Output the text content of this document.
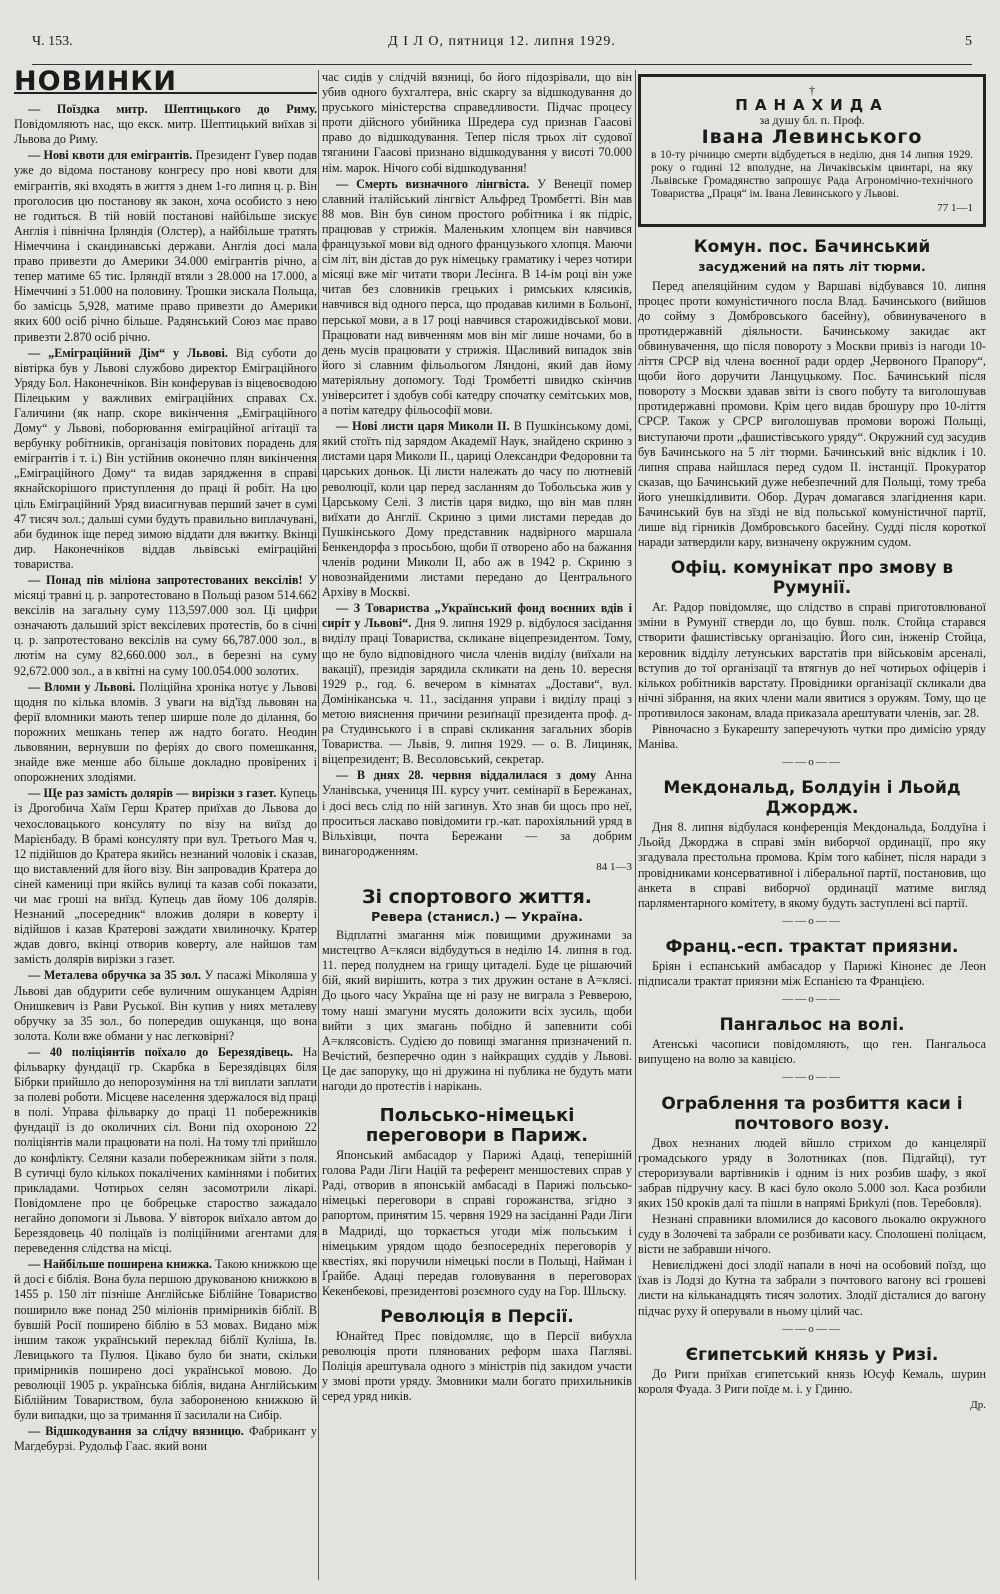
Ч. 153.	Д І Л О, пятниця 12. липня 1929.	5
НОВИНКИ

— Поїздка митр. Шептицького до Риму. Повідомляють нас, що екск. митр. Шептицький виїхав зі Львова до Риму.

— Нові квоти для емігрантів. Президент Гувер подав уже до відома постанову конгресу про нові квоти для емігрантів, які входять в життя з днем 1-го липня ц. р. Він проголосив цю постанову як закон, хоча особисто з нею не годиться. В тій новій постанові найбільше зискує Англія і північна Ірляндія (Олстер), а найбільше тратять Німеччина і скандинавські держави. Англія досі мала право привезти до Америки 34.000 емігрантів річно, а тепер матиме 65 тис. Ірляндії втяли з 28.000 на 17.000, а Німеччині з 51.000 на половину. Трошки зискала Польща, бо замісць 5,928, матиме право привезти до Америки яких 600 осіб річно більше. Радянський Союз має право привезти 2.870 осіб річно.

— „Еміграційний Дім“ у Львові. Від суботи до вівтірка був у Львові службово директор Еміграційного Уряду Бол. Наконечніков. Він конферував із віцевоєводою Пілецьким у важливих еміграційних справах Сх. Галичини (як напр. скоре викінчення „Еміграційного Дому“ у Львові, поборювання еміграційної агітації та вербунку робітників, організація повітових порадень для емігрантів і т. і.) Він устійнив оконечно плян викінчення „Еміграційного Дому“ та видав зарядження в справі якнайскорішого приступлення до праці й робіт. На цю ціль Еміграційний Уряд виасигнував перший зачет в сумі 47 тисяч зол.; дальші суми будуть правильно виплачувані, аби будинок іще перед зимою віддати для вжитку. Вкінці дир. Наконечніков віддав львівські еміграційні товариства.

— Понад пів міліона запротестованих вексілів! У місяці травні ц. р. запротестовано в Польщі разом 514.662 вексілів на загальну суму 113,597.000 зол. Ці цифри означають дальший зріст вексілевих протестів, бо в січні ц. р. запротестовано вексілів на суму 66,787.000 зол., в лютім на суму 82,660.000 зол., в березні на суму 92,672.000 зол., а в квітні на суму 100.054.000 золотих.

— Вломи у Львові. Поліційна хроніка нотує у Львові щодня по кілька вломів. З уваги на від'їзд львовян на ферії вломники мають тепер ширше поле до ділання, бо порожних мешкань тепер аж надто богато. Неодин львовянин, вернувши по феріях до свого помешкання, знайде вже менше або більше докладно провірених і опорожнених злодіями.

— Ще раз замість долярів — вирізки з газет. Купець із Дрогобича Хаїм Герш Кратер приїхав до Львова до чехословацького консуляту по візу на виїзд до Марієнбаду. В брамі консуляту при вул. Третього Мая ч. 12 підійшов до Кратера якийсь незнаний чоловік і сказав, що виставлений для його візу. Він запровадив Кратера до сіней камениці при якійсь вулиці та казав собі показати, чи має гроші на виїзд. Купець дав йому 106 долярів. Незнаний „посередник“ вложив доляри в коверту і відійшов і казав Кратерові заждати хвилиночку. Кратер ждав довго, вкінці отворив коверту, але найшов там замість долярів вирізки з газет.

— Металева обручка за 35 зол. У пасажі Міколяша у Львові дав обдурити себе вуличним ошуканцем Адріян Онишкевич із Рави Руської. Він купив у ниях металеву обручку за 35 зол., бо попередив ошуканця, що вона золота. Коли вже обмани у нас легковірні?

— 40 поліціянтів поїхало до Березядівець. На фільварку фундації гр. Скарбка в Березядівцях біля Бібрки прийшло до непорозуміння на тлі виплати заплати за полеві роботи. Місцеве населення здержалося від праці в полі. Управа фільварку до праці 11 побережників фундації із до околичних сіл. Вони під охороною 22 поліціянтів мали працювати на полі. На тому тлі прийшло до конфлікту. Селяни казали побережникам зійти з поля. В сутичці було кількох покалічених каміннями і побитих прикладами. Чотирьох селян засомотрили лікарі. Повідомлене про це бобрецьке староство зажадало негайно допомоги зі Львова. У вівторок виїхало автом до Березядовець 40 поліцаїв із поліційними агентами для переведення слідства на місці.

— Найбільше поширена книжка. Такою книжкою ще й досі є біблія. Вона була першою друкованою книжкою в 1455 р. 150 літ пізніше Англійське Біблійне Товариство поширило вже понад 250 міліонів примірників біблії. В бувшій Росії поширено біблію в 53 мовах. Видано між іншим також український переклад біблії Куліша, Ів. Левицького та Пулюя. Цікаво було би знати, скільки примірників поширено досі української мовою. До революції 1905 р. українська біблія, видана Англійським Біблійним Товариством, була забороненою книжкою й були випадки, що за тримання її засилали на Сибір.

— Відшкодування за слідчу вязницю. Фабрикант у Магдебурзі. Рудольф Гаас. який вони

час сидів у слідчій вязниці, бо його підозрівали, що він убив одного бухгалтера, вніс скаргу за відшкодування до пруського міністерства справедливости. Підчас процесу проти дійсного убийника Шредера суд признав Гаасові право до відшкодування. Тепер після трьох літ судової тяганини Гаасові признано відшкодування у висоті 70.000 нім. марок. Нічого собі відшкодування!

— Смерть визначного лінгвіста. У Венеції помер славний італійський лінгвіст Альфред Тромбетті. Він мав 88 мов. Він був сином простого робітника і як підріс, працював у стрижія. Маленьким хлопцем він навчився французької мови від одного французького хлопця. Маючи сім літ, він дістав до рук німецьку граматику і через чотири місяці вже міг читати твори Лесінга. В 14-ім році він уже читав без словників грецьких і римських клясиків, навчився від одного перса, що продавав килими в Больонї, перської мови, а в 17 році навчився старожидівської мови. Працювати над вивченням мов він міг лише ночами, бо в день мусів працювати у стрижія. Щасливий випадок звів його зі славним фільольогом Ляндоні, який дав йому матеріяльну допомогу. Тоді Тромбетті швидко скінчив університет і здобув собі катедру спочатку семітських мов, а потім катедру фільософії мови.

— Нові листи царя Миколи II. В Пушкінському домі, який стоїть під зарядом Академії Наук, знайдено скриню з листами царя Миколи II., цариці Олександри Федоровни та царських доньок. Ці листи належать до часу по лютневій революції, коли цар перед засланням до Тобольська жив у Царському Селі. З листів царя видко, що він мав плян виїхати до Англії. Скриню з цими листами передав до Пушкінського Дому представник надвірного маршала Бенкендорфа з просьбою, щоби її отворено або на бажання членів родини Миколи II, або аж в 1942 р. Скриню з новознайденими листами передано до Центрального Архіву в Москві.

— З Товариства „Український фонд воєнних вдів і сиріт у Львові“. Дня 9. липня 1929 р. відбулося засідання виділу праці Товариства, скликане віцепрезидентом. Тому, що не було відповідного числа членів виділу (виїхали на вакації), президія зарядила скликати на день 10. вересня 1929 р., год. 6. вечером в кімнатах „Достави“, вул. Домініканська ч. 11., засідання управи і виділу праці з метою вияснення причини резиґнації президента проф. д-ра Студинського і в справі скликання загальних зборів Товариства. — Львів, 9. липня 1929. — о. В. Лициняк, віцепрезидент; В. Весоловський, секретар.

— В днях 28. червня віддалилася з дому Анна Уланівська, учениця III. курсу учит. семінарії в Бережанах, і досі весь слід по ній загинув. Хто знав би щось про неї, проситься ласкаво повідомити гр.-кат. парохіяльний уряд в Вільхівци, почта Бережани — за добрим винагородженням.

84 1—3
Зі спортового життя.
Ревера (станисл.) — Україна.

Відплатні змагання між повищими дружинами за мистецтво А=кляси відбудуться в неділю 14. липня в год. 11. перед полуднем на грищу цитаделі. Буде це рішаючий бій, який вирішить, котра з тих дружин остане в А=клясі. До цього часу Україна ще ні разу не виграла з Ревверою, тому наші змагуни мусять доложити всіх зусиль, щоби вийти з цих змагань побідно й запевнити собі А=клясовість. Судією до повищі змагання призначений п. Вечістий, безперечно один з найкращих суддів у Львові. Це дає запоруку, що ні дружина ні публика не будуть мати нагоди до протестів і нарікань.

Польсько-німецькі переговори в Париж.

Японський амбасадор у Парижі Адаці, теперішній голова Ради Ліги Націй та референт меншостевих справ у Раді, отворив в японській амбасаді в Парижі польсько-німецькі переговори в справі горожанства, згідно з рапортом, принятим 15. червня 1929 на засіданні Ради Ліги в Мадриді, що торкається угоди між польським і німецьким урядом щодо безпосередніх переговорів у квестіях, які поручили німецькі посли в Польщі, Найман і Ґрайбе. Адаці передав головування в переговорах Кекенбекові, президентові розємного суду на Гор. Шльску.

Революція в Персії.

Юнайтед Прес повідомляє, що в Персії вибухла революція проти плянованих реформ шаха Пагляві. Поліція арештувала одного з міністрів під закидом участи у змові проти уряду. Змовники мали богато прихильників серед уряд ників.

†
ПАНАХИДА
за душу бл. п. Проф.
Івана Левинського
в 10-ту річницю смерти відбудеться в неділю, дня 14 липня 1929. року о годині 12 вполудне, на Личаківськім цвинтарі, на яку Львівське Громадянство запрошує Рада Агрономічно-технічного Товариства „Праця“ ім. Івана Левинського у Львові.
77 1—1
Комун. пос. Бачинський
засуджений на пять літ тюрми.

Перед апеляційним судом у Варшаві відбувався 10. липня процес проти комуністичного посла Влад. Бачинського (вийшов до сойму з Домбровського басейну), обвинуваченого в протидержавній діяльности. Бачинському закидає акт обвинувачення, що після повороту з Москви привіз із нагоди 10-ліття СРСР від члена воєнної ради ордер „Червоного Прапору“, щоби його доручити Ланцуцькому. Пос. Бачинський після повороту з Москви здавав звіти із свого побуту та виголошував протидержавні промови. Крім цего видав брошуру про 10-ліття СРСР. Також у СРСР виголошував промови ворожі Польщі, виступаючи проти „фашистівського уряду“. Окружний суд засудив був Бачинського на 5 літ тюрми. Бачинський вніс відклик і 10. липня справа найшлася перед судом II. інстанції. Прокуратор сказав, що Бачинський дуже небезпечний для Польщі, тому треба його унешкідливити. Обор. Дурач домагався злагіднення кари. Бачинський був на зїзді не від польської комуністичної партії, лише від гірників Домбровського басейну. Судді після короткої наради затвердили кару, визначену окружним судом.

Офіц. комунікат про змову в Румунії.

Аг. Радор повідомляє, що слідство в справі приготовлюваної зміни в Румунії стверди ло, що бувш. полк. Стойца старався створити фашистівську організацію. Його син, інженір Стойца, керовник відділу летунських варстатів при військовім арсеналі, вступив до тої організації та втягнув до неї чотирьох офіцерів і кількох робітників варстату. Провідники організації скликали два нічні зібрання, на яких члени мали явитися з оружям. Тому, що це противилося законам, влада приказала арештувати членів, заг. 28.

Рівночасно з Букарешту заперечують чутки про димісію уряду Маніва.

——o——
Мекдональд, Болдуін і Льойд Джордж.

Дня 8. липня відбулася конференція Мекдональда, Болдуїна і Льойд Джорджа в справі змін виборчої ординації, про яку згадувала престольна промова. Крім того кабінет, після наради з провідниками консервативної і ліберальної партії, постановив, що анкета в справі виборчої ординації матиме вигляд парляментарного комітету, в якому будуть заступлені всі партії.

——o——
Франц.-есп. трактат приязни.

Бріян і еспанський амбасадор у Парижі Кінонес де Леон підписали трактат приязни між Еспанією та Францією.

——o——
Пангальос на волі.

Атенські часописи повідомляють, що ген. Пангальоса випущено на волю за кавцією.

——o——
Ограблення та розбиття каси і почтового возу.

Двох незнаних людей вйшло стрихом до канцелярії громадського уряду в Золотниках (пов. Підгайці), тут стероризували вартівників і одним із них розбив шафу, з якої забрав підручну касу. В касі було около 5.000 зол. Каса розбили яких 150 кроків далі та пішли в напрямі Бриkулі (пов. Теребовля).

Незнані справники вломилися до касового льокалю окружного суду в Золочеві та забрали се розбивати касу. Сполошені поліцаєм, вісти не забравши нічого.

Невиєліджені досі злодії напали в ночі на особовий поїзд, що їхав із Лодзі до Кутна та забрали з почтового вагону всі грошеві листи на кільканадцять тисяч золотих. Злодії дісталися до вагону підчас руху й оперували в ньому цілий час.

——o——
Єгипетський князь у Ризі.

До Риги приїхав єгипетський князь Юсуф Кемаль, шурин короля Фуада. З Риги поїде м. і. у Гдиню.

Др.
